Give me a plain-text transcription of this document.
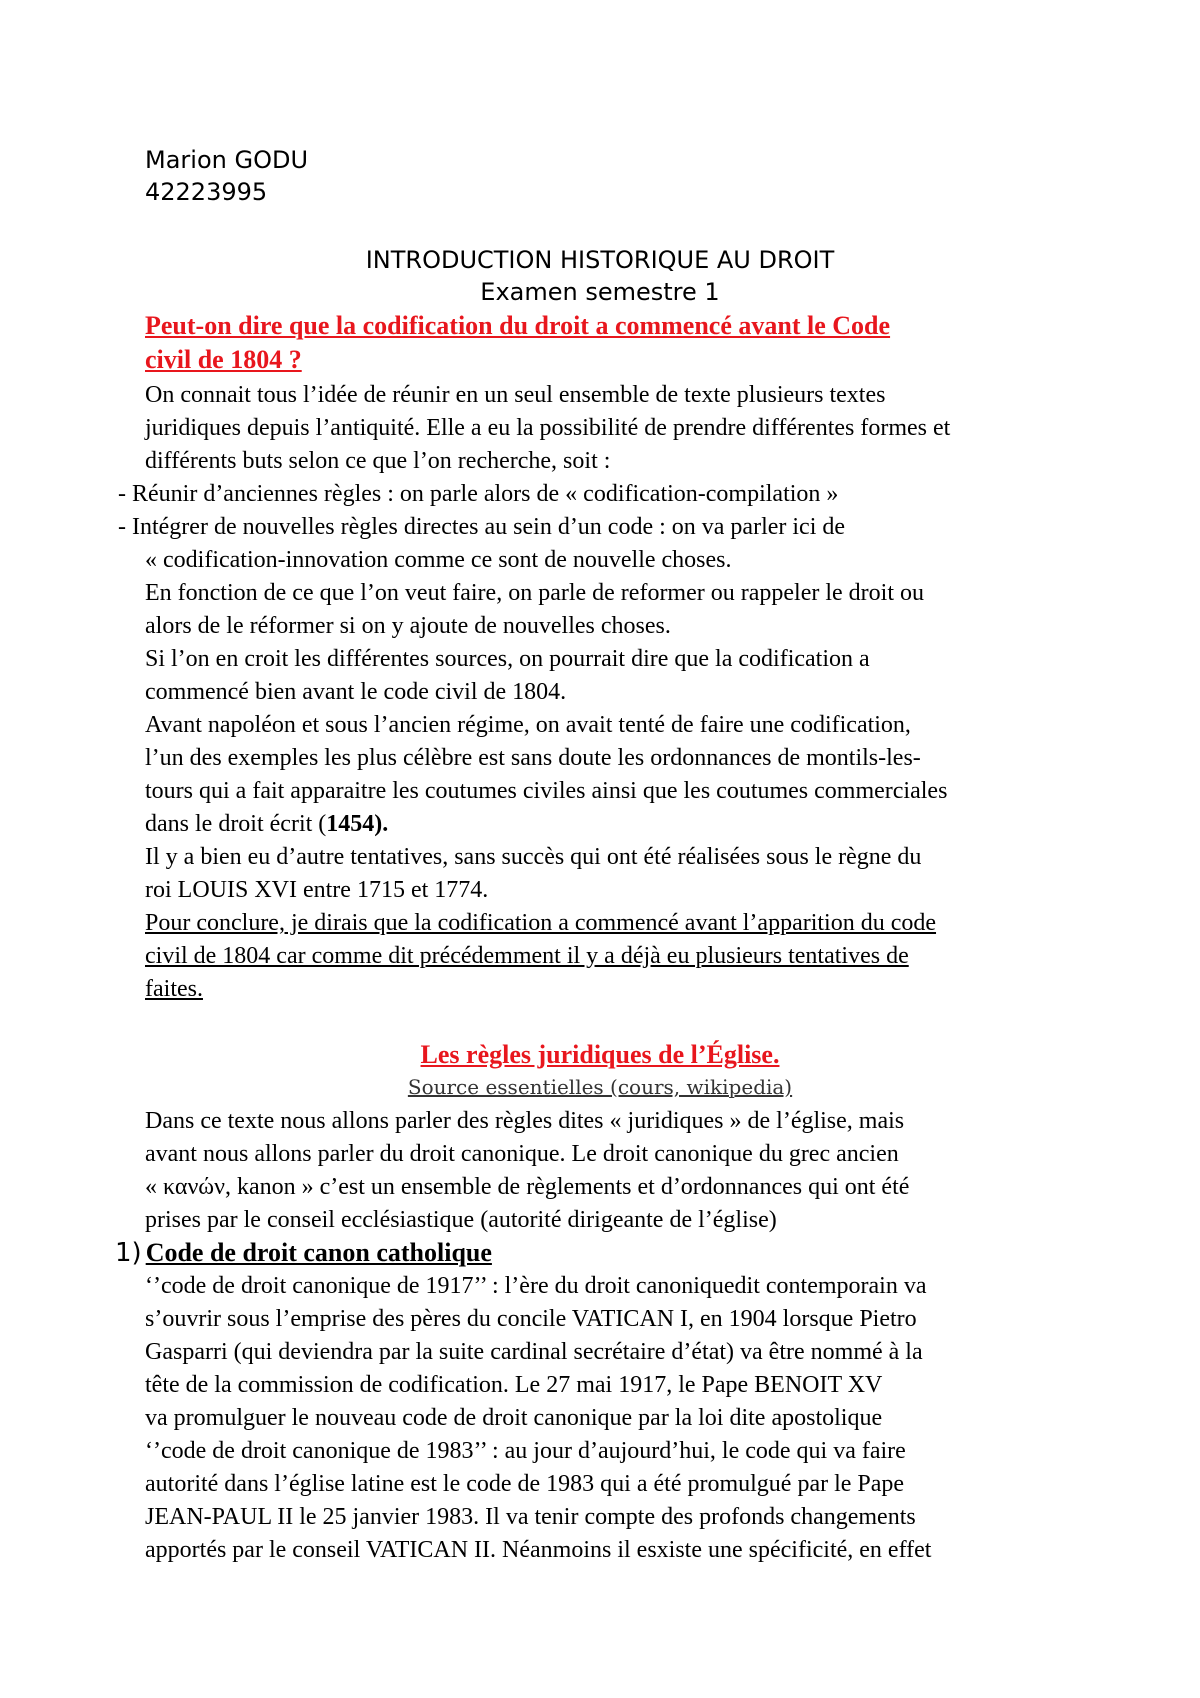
Marion GODU
42223995
INTRODUCTION HISTORIQUE AU DROIT
Examen semestre 1
Peut-on dire que la codification du droit a commencé avant le Code
civil de 1804 ?
On connait tous l’idée de réunir en un seul ensemble de texte plusieurs textes
juridiques depuis l’antiquité. Elle a eu la possibilité de prendre différentes formes et
différents buts selon ce que l’on recherche, soit :
- Réunir d’anciennes règles : on parle alors de « codification-compilation »
- Intégrer de nouvelles règles directes au sein d’un code : on va parler ici de
« codification-innovation comme ce sont de nouvelle choses.
En fonction de ce que l’on veut faire, on parle de reformer ou rappeler le droit ou
alors de le réformer si on y ajoute de nouvelles choses.
Si l’on en croit les différentes sources, on pourrait dire que la codification a
commencé bien avant le code civil de 1804.
Avant napoléon et sous l’ancien régime, on avait tenté de faire une codification,
l’un des exemples les plus célèbre est sans doute les ordonnances de montils-les-
tours qui a fait apparaitre les coutumes civiles ainsi que les coutumes commerciales
dans le droit écrit (1454).
Il y a bien eu d’autre tentatives, sans succès qui ont été réalisées sous le règne du
roi LOUIS XVI entre 1715 et 1774.
Pour conclure, je dirais que la codification a commencé avant l’apparition du code
civil de 1804 car comme dit précédemment il y a déjà eu plusieurs tentatives de
faites.
Les règles juridiques de l’Église.
Source essentielles (cours, wikipedia)
Dans ce texte nous allons parler des règles dites « juridiques » de l’église, mais
avant nous allons parler du droit canonique. Le droit canonique du grec ancien
« κανών, kanon » c’est un ensemble de règlements et d’ordonnances qui ont été
prises par le conseil ecclésiastique (autorité dirigeante de l’église)
1) Code de droit canon catholique
‘’code de droit canonique de 1917’’ : l’ère du droit canoniquedit contemporain va
s’ouvrir sous l’emprise des pères du concile VATICAN I, en 1904 lorsque Pietro
Gasparri (qui deviendra par la suite cardinal secrétaire d’état) va être nommé à la
tête de la commission de codification. Le 27 mai 1917, le Pape BENOIT XV
va promulguer le nouveau code de droit canonique par la loi dite apostolique
‘’code de droit canonique de 1983’’ : au jour d’aujourd’hui, le code qui va faire
autorité dans l’église latine est le code de 1983 qui a été promulgué par le Pape
JEAN-PAUL II le 25 janvier 1983. Il va tenir compte des profonds changements
apportés par le conseil VATICAN II. Néanmoins il esxiste une spécificité, en effet
